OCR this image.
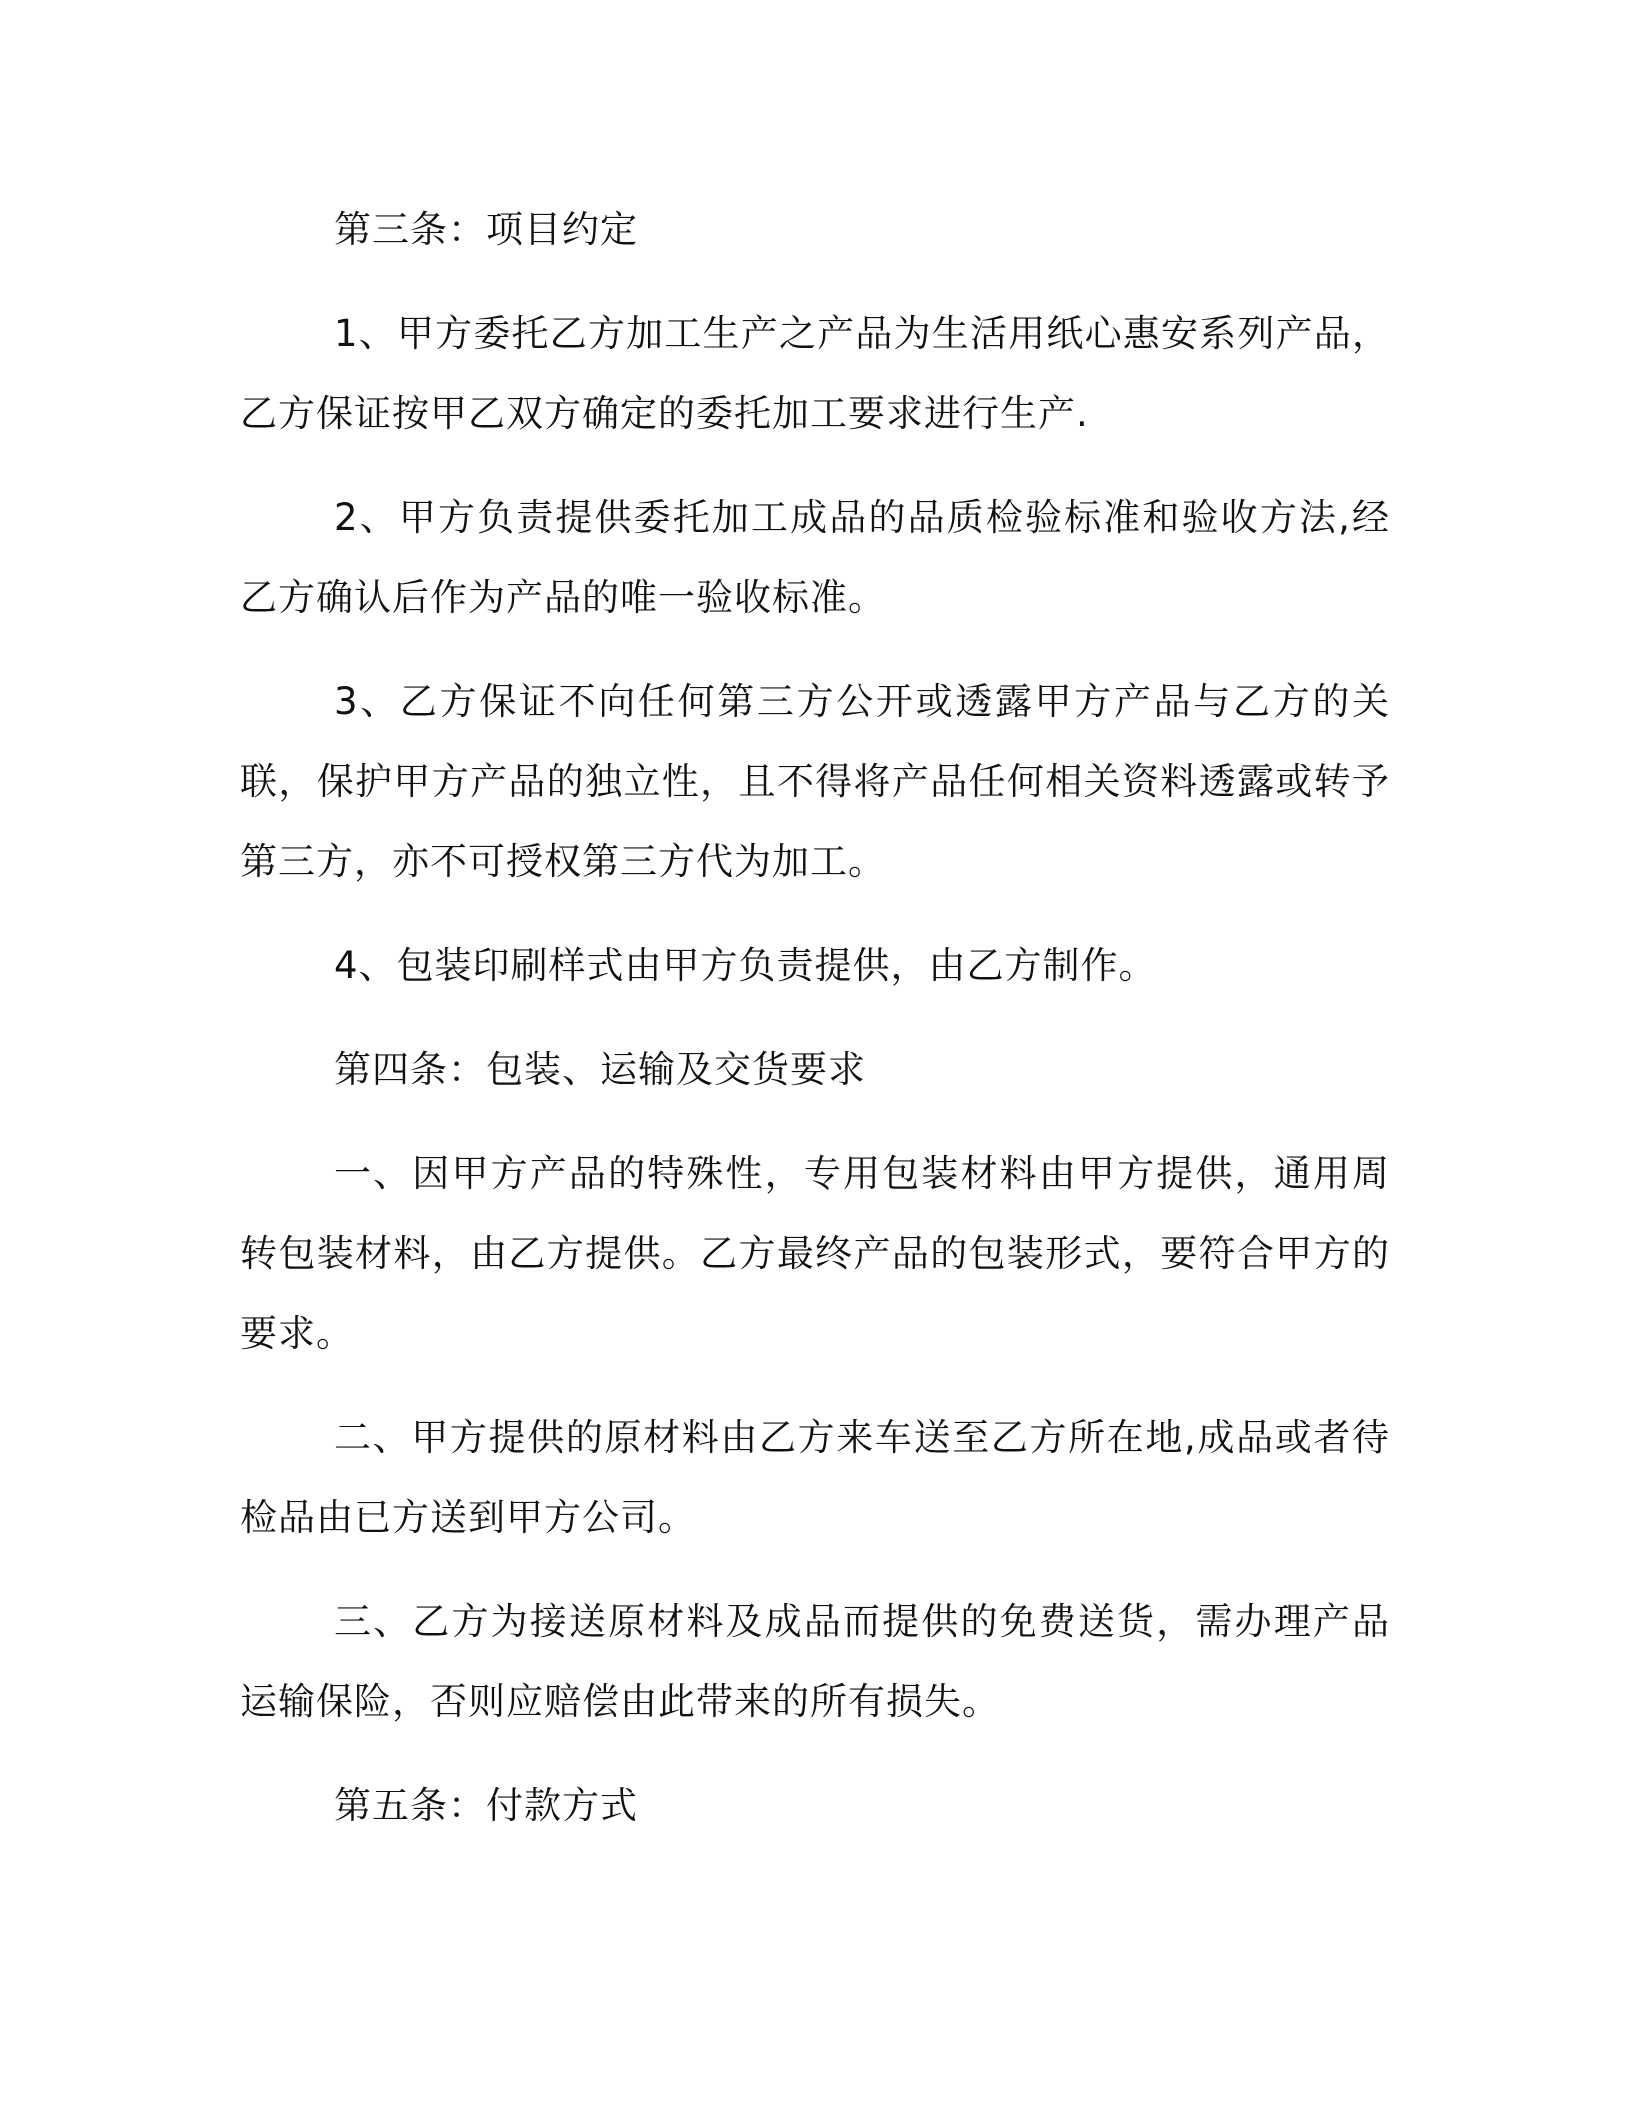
第三条：项目约定

1、甲方委托乙方加工生产之产品为生活用纸心惠安系列产品，乙方保证按甲乙双方确定的委托加工要求进行生产.

2、甲方负责提供委托加工成品的品质检验标准和验收方法,经乙方确认后作为产品的唯一验收标准。

3、乙方保证不向任何第三方公开或透露甲方产品与乙方的关联，保护甲方产品的独立性，且不得将产品任何相关资料透露或转予第三方，亦不可授权第三方代为加工。

4、包装印刷样式由甲方负责提供，由乙方制作。

第四条：包装、运输及交货要求

一、因甲方产品的特殊性，专用包装材料由甲方提供，通用周转包装材料，由乙方提供。乙方最终产品的包装形式，要符合甲方的要求。

二、甲方提供的原材料由乙方来车送至乙方所在地,成品或者待检品由已方送到甲方公司。

三、乙方为接送原材料及成品而提供的免费送货，需办理产品运输保险，否则应赔偿由此带来的所有损失。

第五条：付款方式
